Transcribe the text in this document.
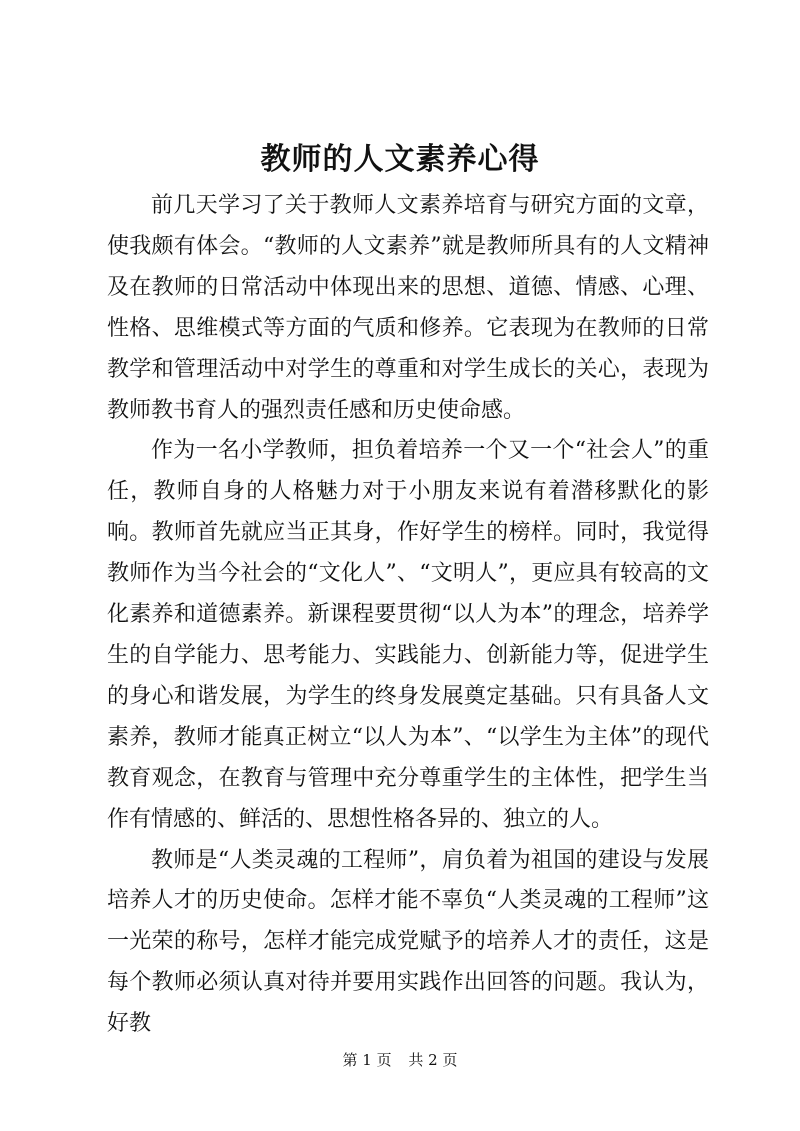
教师的人文素养心得

前几天学习了关于教师人文素养培育与研究方面的文章，使我颇有体会。“教师的人文素养”就是教师所具有的人文精神及在教师的日常活动中体现出来的思想、道德、情感、心理、性格、思维模式等方面的气质和修养。它表现为在教师的日常教学和管理活动中对学生的尊重和对学生成长的关心，表现为教师教书育人的强烈责任感和历史使命感。

作为一名小学教师，担负着培养一个又一个“社会人”的重任，教师自身的人格魅力对于小朋友来说有着潜移默化的影响。教师首先就应当正其身，作好学生的榜样。同时，我觉得教师作为当今社会的“文化人”、“文明人”，更应具有较高的文化素养和道德素养。新课程要贯彻“以人为本”的理念，培养学生的自学能力、思考能力、实践能力、创新能力等，促进学生的身心和谐发展，为学生的终身发展奠定基础。只有具备人文素养，教师才能真正树立“以人为本”、“以学生为主体”的现代教育观念，在教育与管理中充分尊重学生的主体性，把学生当作有情感的、鲜活的、思想性格各异的、独立的人。

教师是“人类灵魂的工程师”，肩负着为祖国的建设与发展培养人才的历史使命。怎样才能不辜负“人类灵魂的工程师”这一光荣的称号，怎样才能完成党赋予的培养人才的责任，这是每个教师必须认真对待并要用实践作出回答的问题。我认为，好教

第 1 页 共 2 页
